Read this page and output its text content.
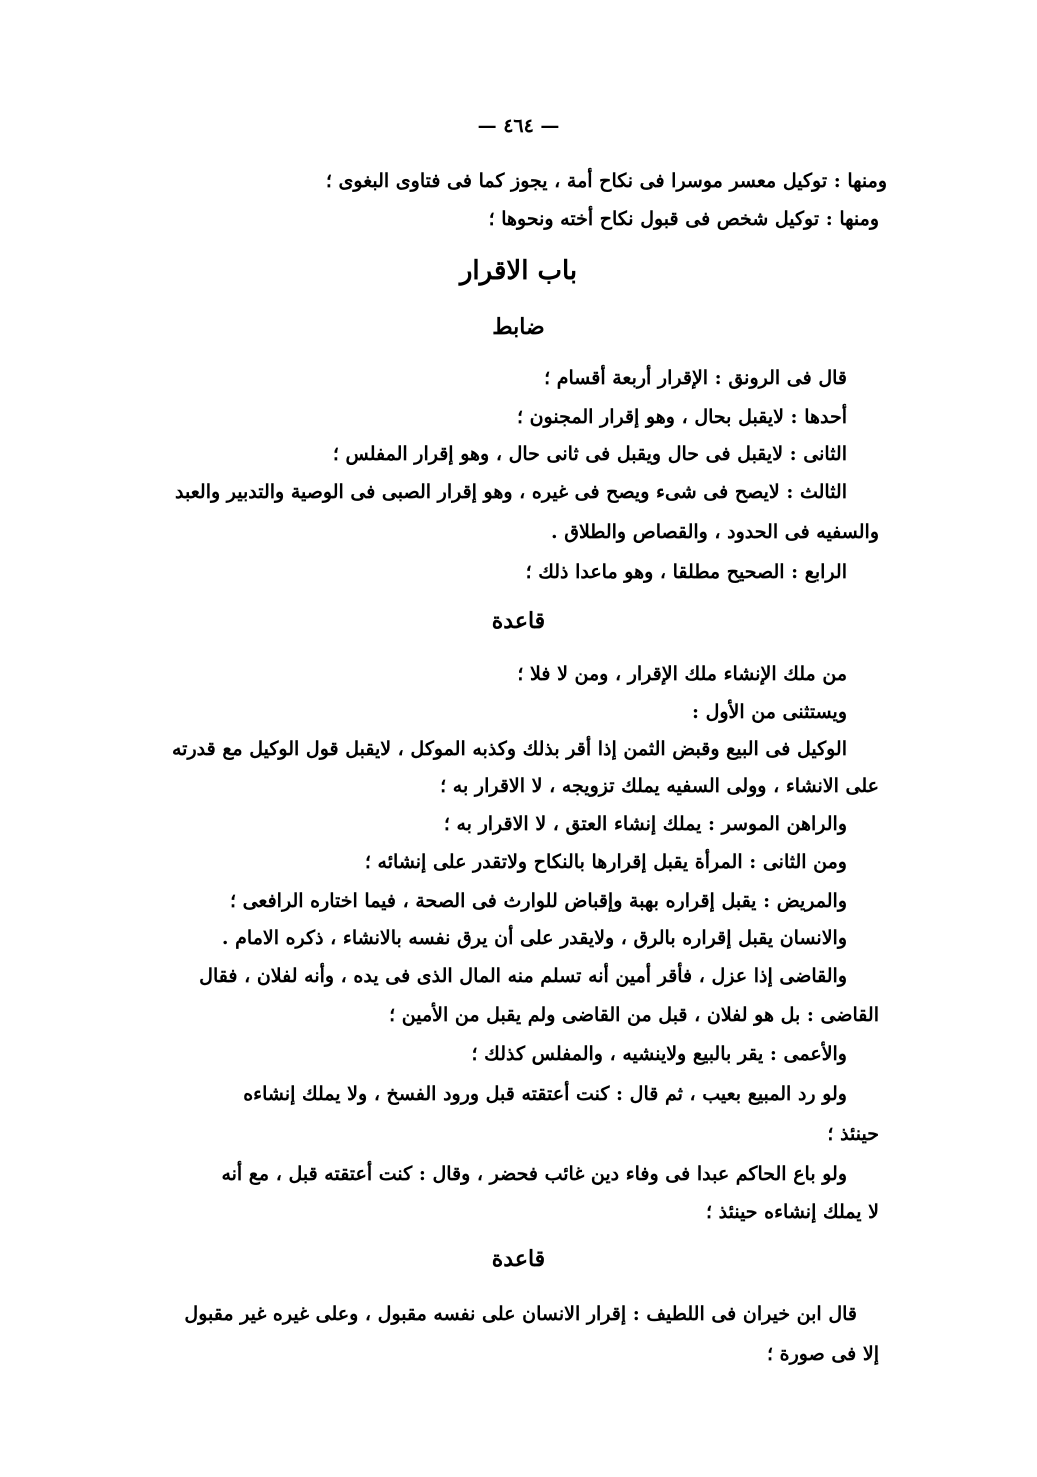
— ٤٦٤ —
ومنها : توكيل معسر موسرا فى نكاح أمة ، يجوز كما فى فتاوى البغوى ؛
ومنها : توكيل شخص فى قبول نكاح أخته ونحوها ؛
باب الاقرار
ضابط
قال فى الرونق : الإقرار أربعة أقسام ؛
أحدها : لايقبل بحال ، وهو إقرار المجنون ؛
الثانى : لايقبل فى حال ويقبل فى ثانى حال ، وهو إقرار المفلس ؛
الثالث : لايصح فى شىء ويصح فى غيره ، وهو إقرار الصبى فى الوصية والتدبير والعبد
والسفيه فى الحدود ، والقصاص والطلاق .
الرابع : الصحيح مطلقا ، وهو ماعدا ذلك ؛
قاعدة
من ملك الإنشاء ملك الإقرار ، ومن لا فلا ؛
ويستثنى من الأول :
الوكيل فى البيع وقبض الثمن إذا أقر بذلك وكذبه الموكل ، لايقبل قول الوكيل مع قدرته
على الانشاء ، وولى السفيه يملك تزويجه ، لا الاقرار به ؛
والراهن الموسر : يملك إنشاء العتق ، لا الاقرار به ؛
ومن الثانى : المرأة يقبل إقرارها بالنكاح ولاتقدر على إنشائه ؛
والمريض : يقبل إقراره بهبة وإقباض للوارث فى الصحة ، فيما اختاره الرافعى ؛
والانسان يقبل إقراره بالرق ، ولايقدر على أن يرق نفسه بالانشاء ، ذكره الامام .
والقاضى إذا عزل ، فأقر أمين أنه تسلم منه المال الذى فى يده ، وأنه لفلان ، فقال
القاضى : بل هو لفلان ، قبل من القاضى ولم يقبل من الأمين ؛
والأعمى : يقر بالبيع ولاينشيه ، والمفلس كذلك ؛
ولو رد المبيع بعيب ، ثم قال : كنت أعتقته قبل ورود الفسخ ، ولا يملك إنشاءه
حينئذ ؛
ولو باع الحاكم عبدا فى وفاء دين غائب فحضر ، وقال : كنت أعتقته قبل ، مع أنه
لا يملك إنشاءه حينئذ ؛
قاعدة
قال ابن خيران فى اللطيف : إقرار الانسان على نفسه مقبول ، وعلى غيره غير مقبول
إلا فى صورة ؛
